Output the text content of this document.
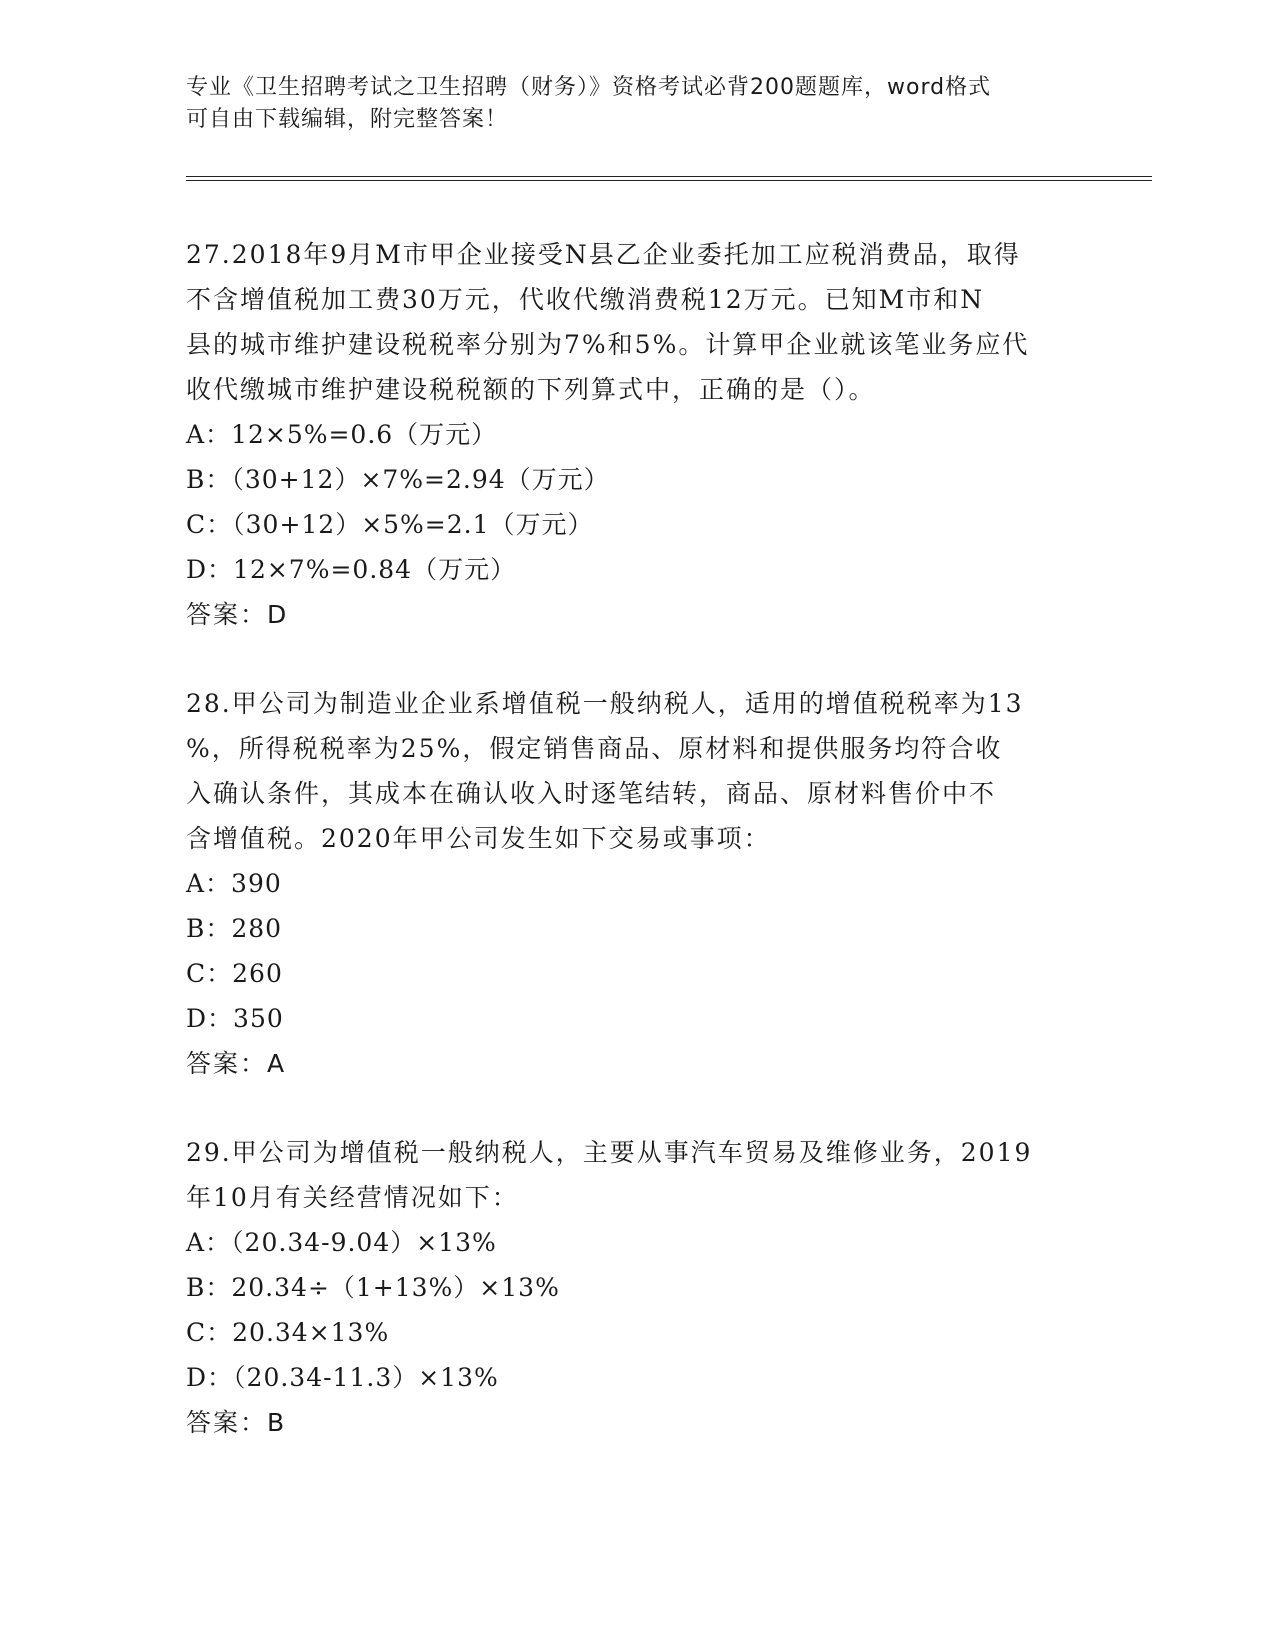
专业《卫生招聘考试之卫生招聘（财务）》资格考试必背200题题库，word格式
可自由下载编辑，附完整答案！

27.2018年9月M市甲企业接受N县乙企业委托加工应税消费品，取得

不含增值税加工费30万元，代收代缴消费税12万元。已知M市和N

县的城市维护建设税税率分别为7%和5%。计算甲企业就该笔业务应代

收代缴城市维护建设税税额的下列算式中，正确的是（）。

A：12×5%=0.6（万元）

B：（30+12）×7%=2.94（万元）

C：（30+12）×5%=2.1（万元）

D：12×7%=0.84（万元）

答案：D

28.甲公司为制造业企业系增值税一般纳税人，适用的增值税税率为13

%，所得税税率为25%，假定销售商品、原材料和提供服务均符合收

入确认条件，其成本在确认收入时逐笔结转，商品、原材料售价中不

含增值税。2020年甲公司发生如下交易或事项：

A：390

B：280

C：260

D：350

答案：A

29.甲公司为增值税一般纳税人，主要从事汽车贸易及维修业务，2019

年10月有关经营情况如下：

A：（20.34-9.04）×13%

B：20.34÷（1+13%）×13%

C：20.34×13%

D：（20.34-11.3）×13%

答案：B
